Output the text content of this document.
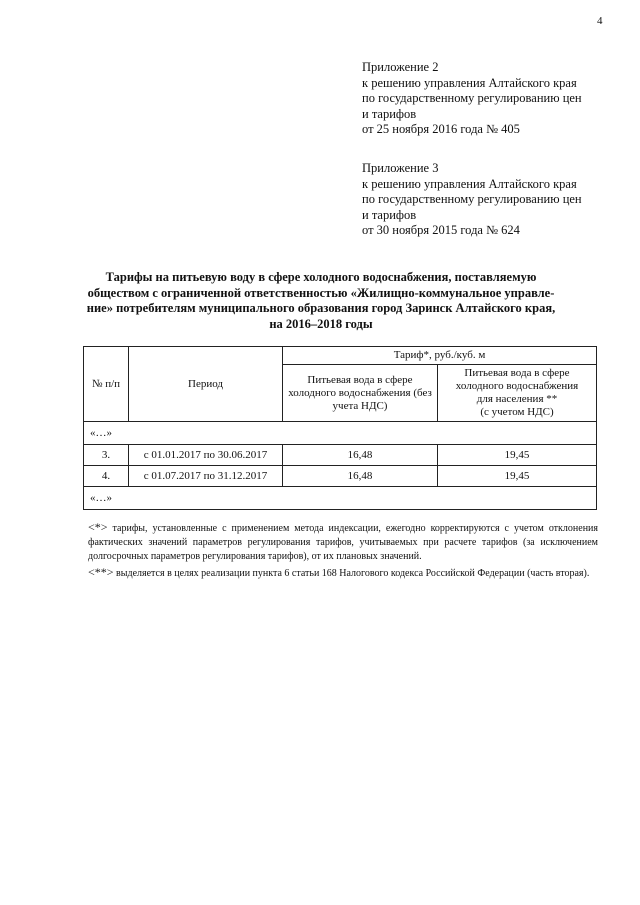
4
Приложение 2
к решению управления Алтайского края
по государственному регулированию цен
и тарифов
от 25 ноября 2016 года № 405
Приложение 3
к решению управления Алтайского края
по государственному регулированию цен
и тарифов
от 30 ноября 2015 года № 624
Тарифы на питьевую воду в сфере холодного водоснабжения, поставляемую
обществом с ограниченной ответственностью «Жилищно-коммунальное управле-
ние» потребителям муниципального образования город Заринск Алтайского края,
на 2016–2018 годы
№ п/п	Период	Тариф*, руб./куб. м	
		Питьевая вода в сфере холодного водоснабжения (без учета НДС)	Питьевая вода в сфере
холодного водоснабжения
для населения **
(с учетом НДС)

«…»			
3.	с 01.01.2017 по 30.06.2017	16,48	19,45
4.	с 01.07.2017 по 31.12.2017	16,48	19,45
«…»			

<*> тарифы, установленные с применением метода индексации, ежегодно корректируются с учетом отклонения фактических значений параметров регулирования тарифов, учитываемых при расчете тарифов (за исключением долгосрочных параметров регулирования тарифов), от их плановых значений.

<**> выделяется в целях реализации пункта 6 статьи 168 Налогового кодекса Российской Федерации (часть вторая).
